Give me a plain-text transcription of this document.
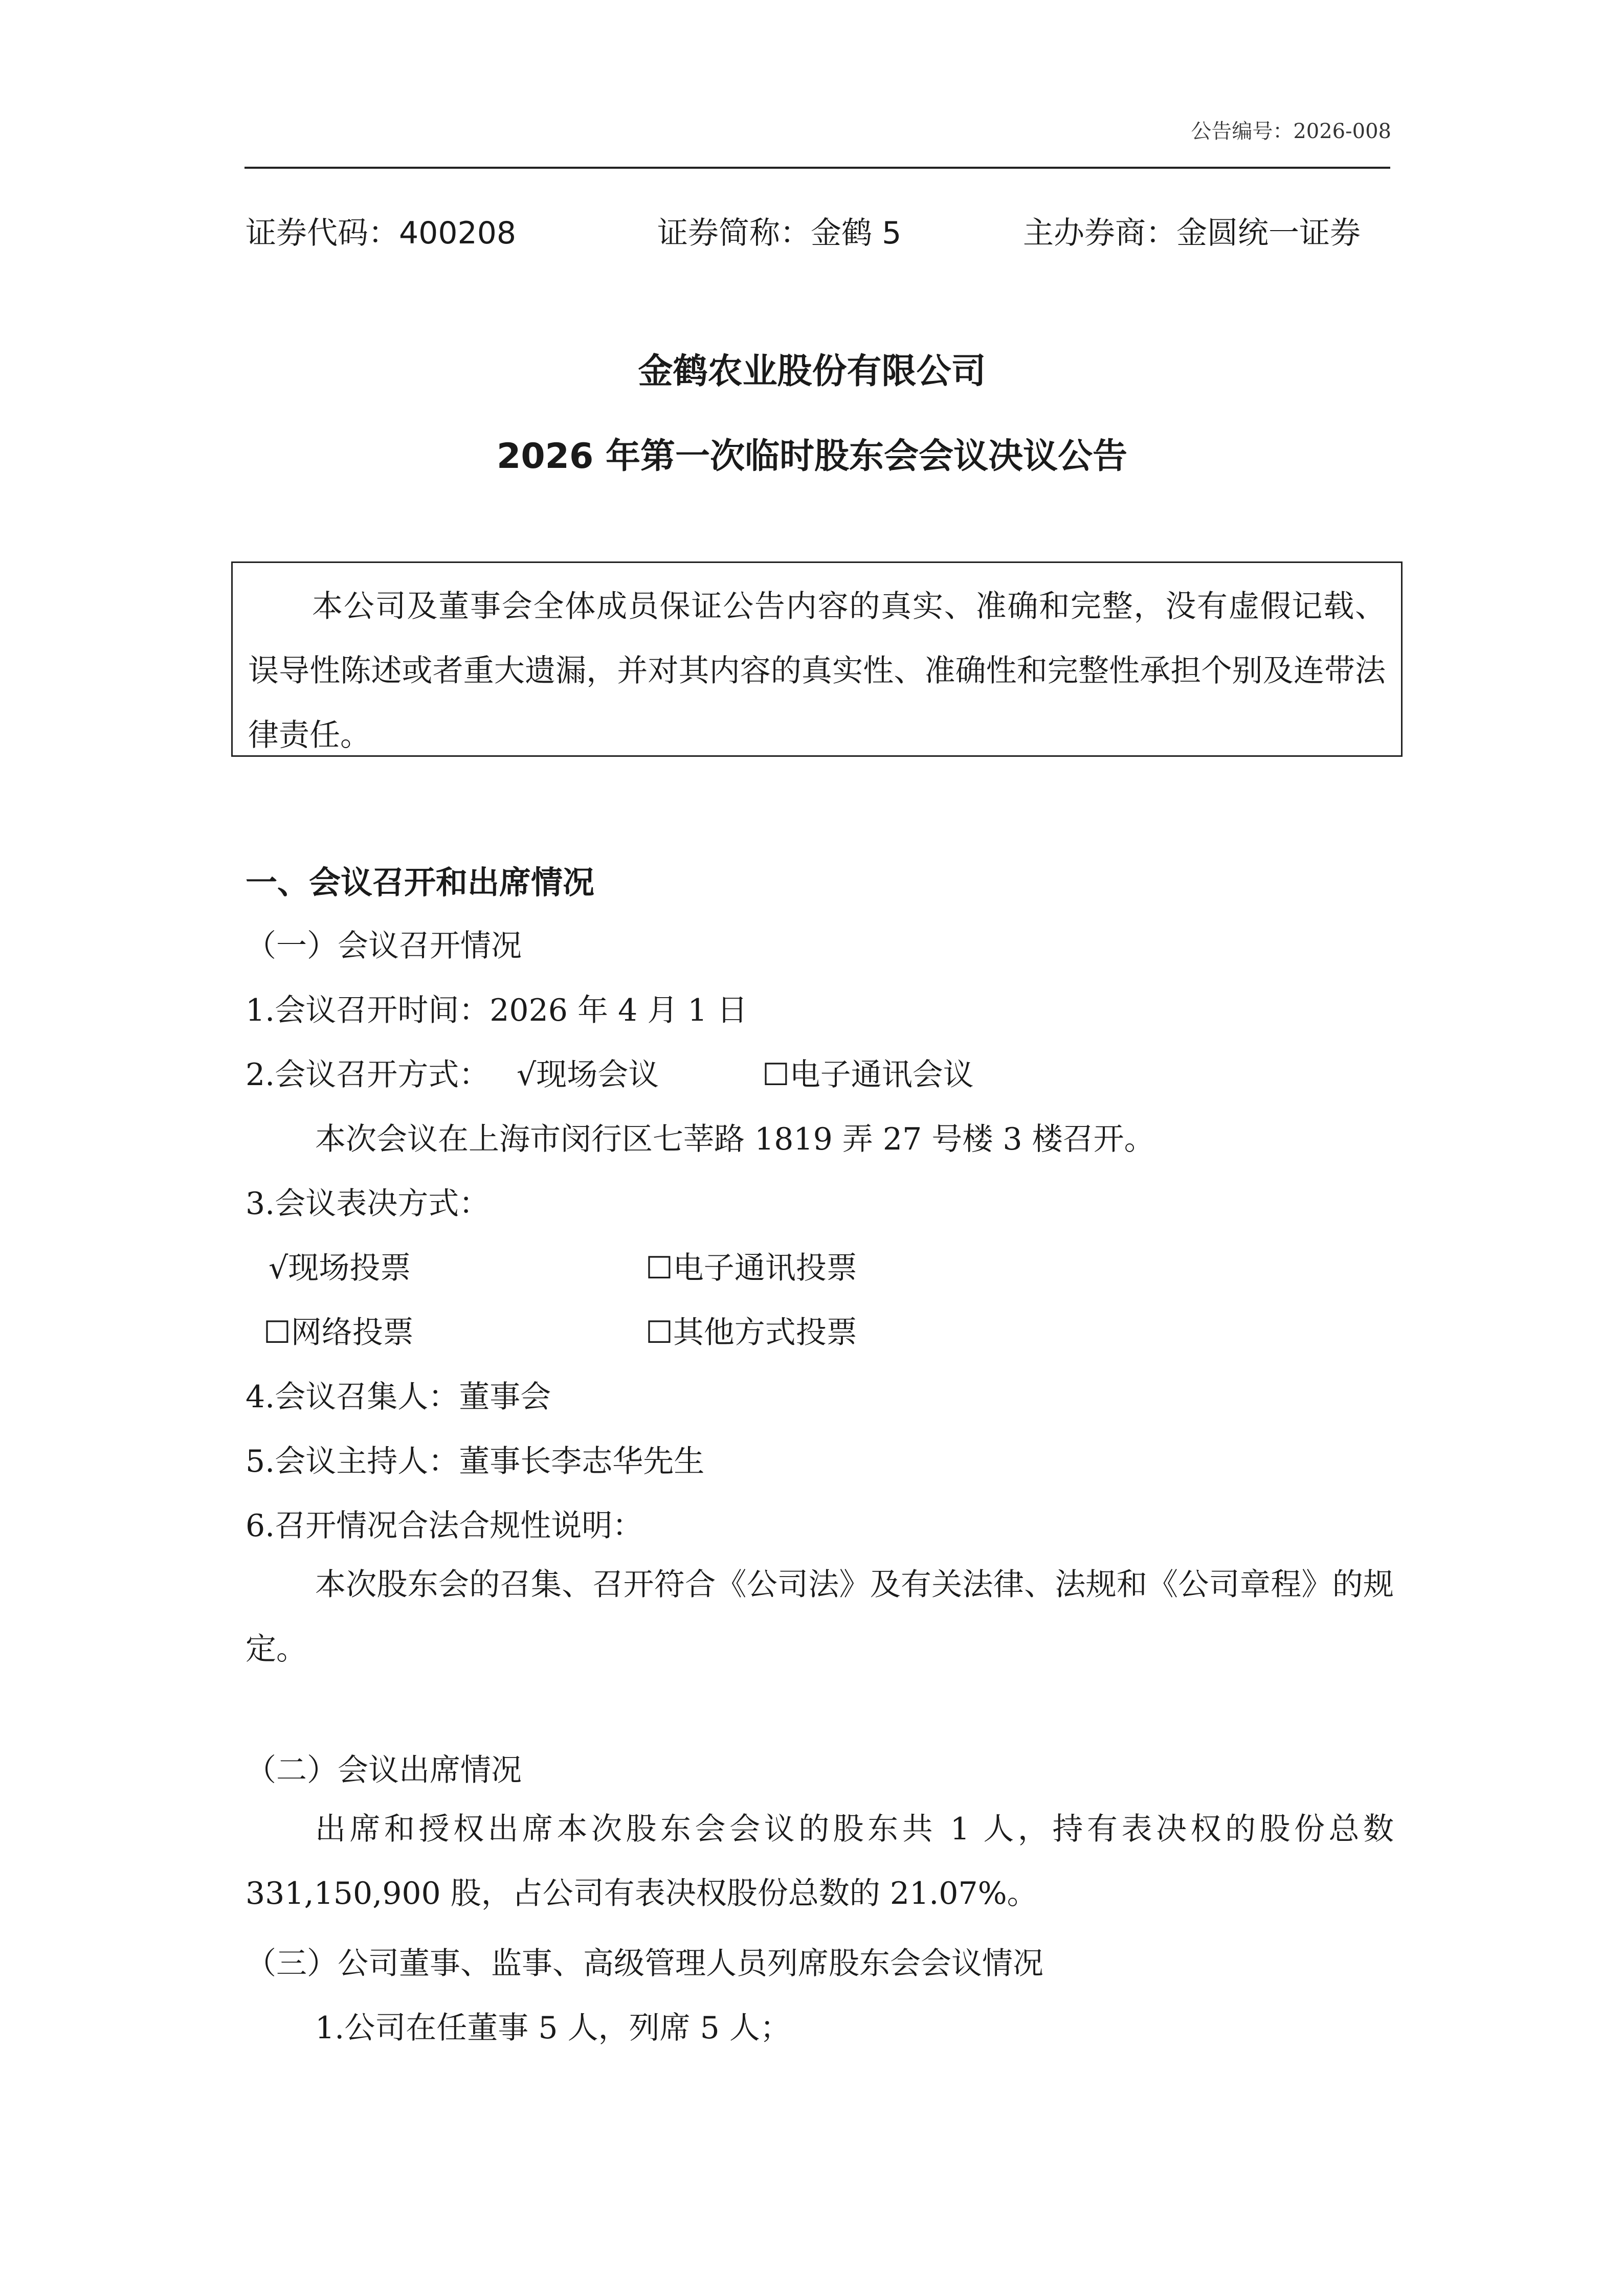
公告编号：2026-008
证券代码：400208	证券简称：金鹤 5	主办券商：金圆统一证券
金鹤农业股份有限公司
2026 年第一次临时股东会会议决议公告

本公司及董事会全体成员保证公告内容的真实、准确和完整，没有虚假记载、误导性陈述或者重大遗漏，并对其内容的真实性、准确性和完整性承担个别及连带法律责任。

一、会议召开和出席情况
（一）会议召开情况
1.会议召开时间：2026 年 4 月 1 日
2.会议召开方式： √现场会议	☐电子通讯会议
本次会议在上海市闵行区七莘路 1819 弄 27 号楼 3 楼召开。
3.会议表决方式：
√现场投票	☐电子通讯投票
☐网络投票	☐其他方式投票
4.会议召集人：董事会
5.会议主持人：董事长李志华先生
6.召开情况合法合规性说明：

本次股东会的召集、召开符合《公司法》及有关法律、法规和《公司章程》的规定。

（二）会议出席情况

出席和授权出席本次股东会会议的股东共 1 人，持有表决权的股份总数 331,150,900 股，占公司有表决权股份总数的 21.07%。

（三）公司董事、监事、高级管理人员列席股东会会议情况
1.公司在任董事 5 人，列席 5 人；
